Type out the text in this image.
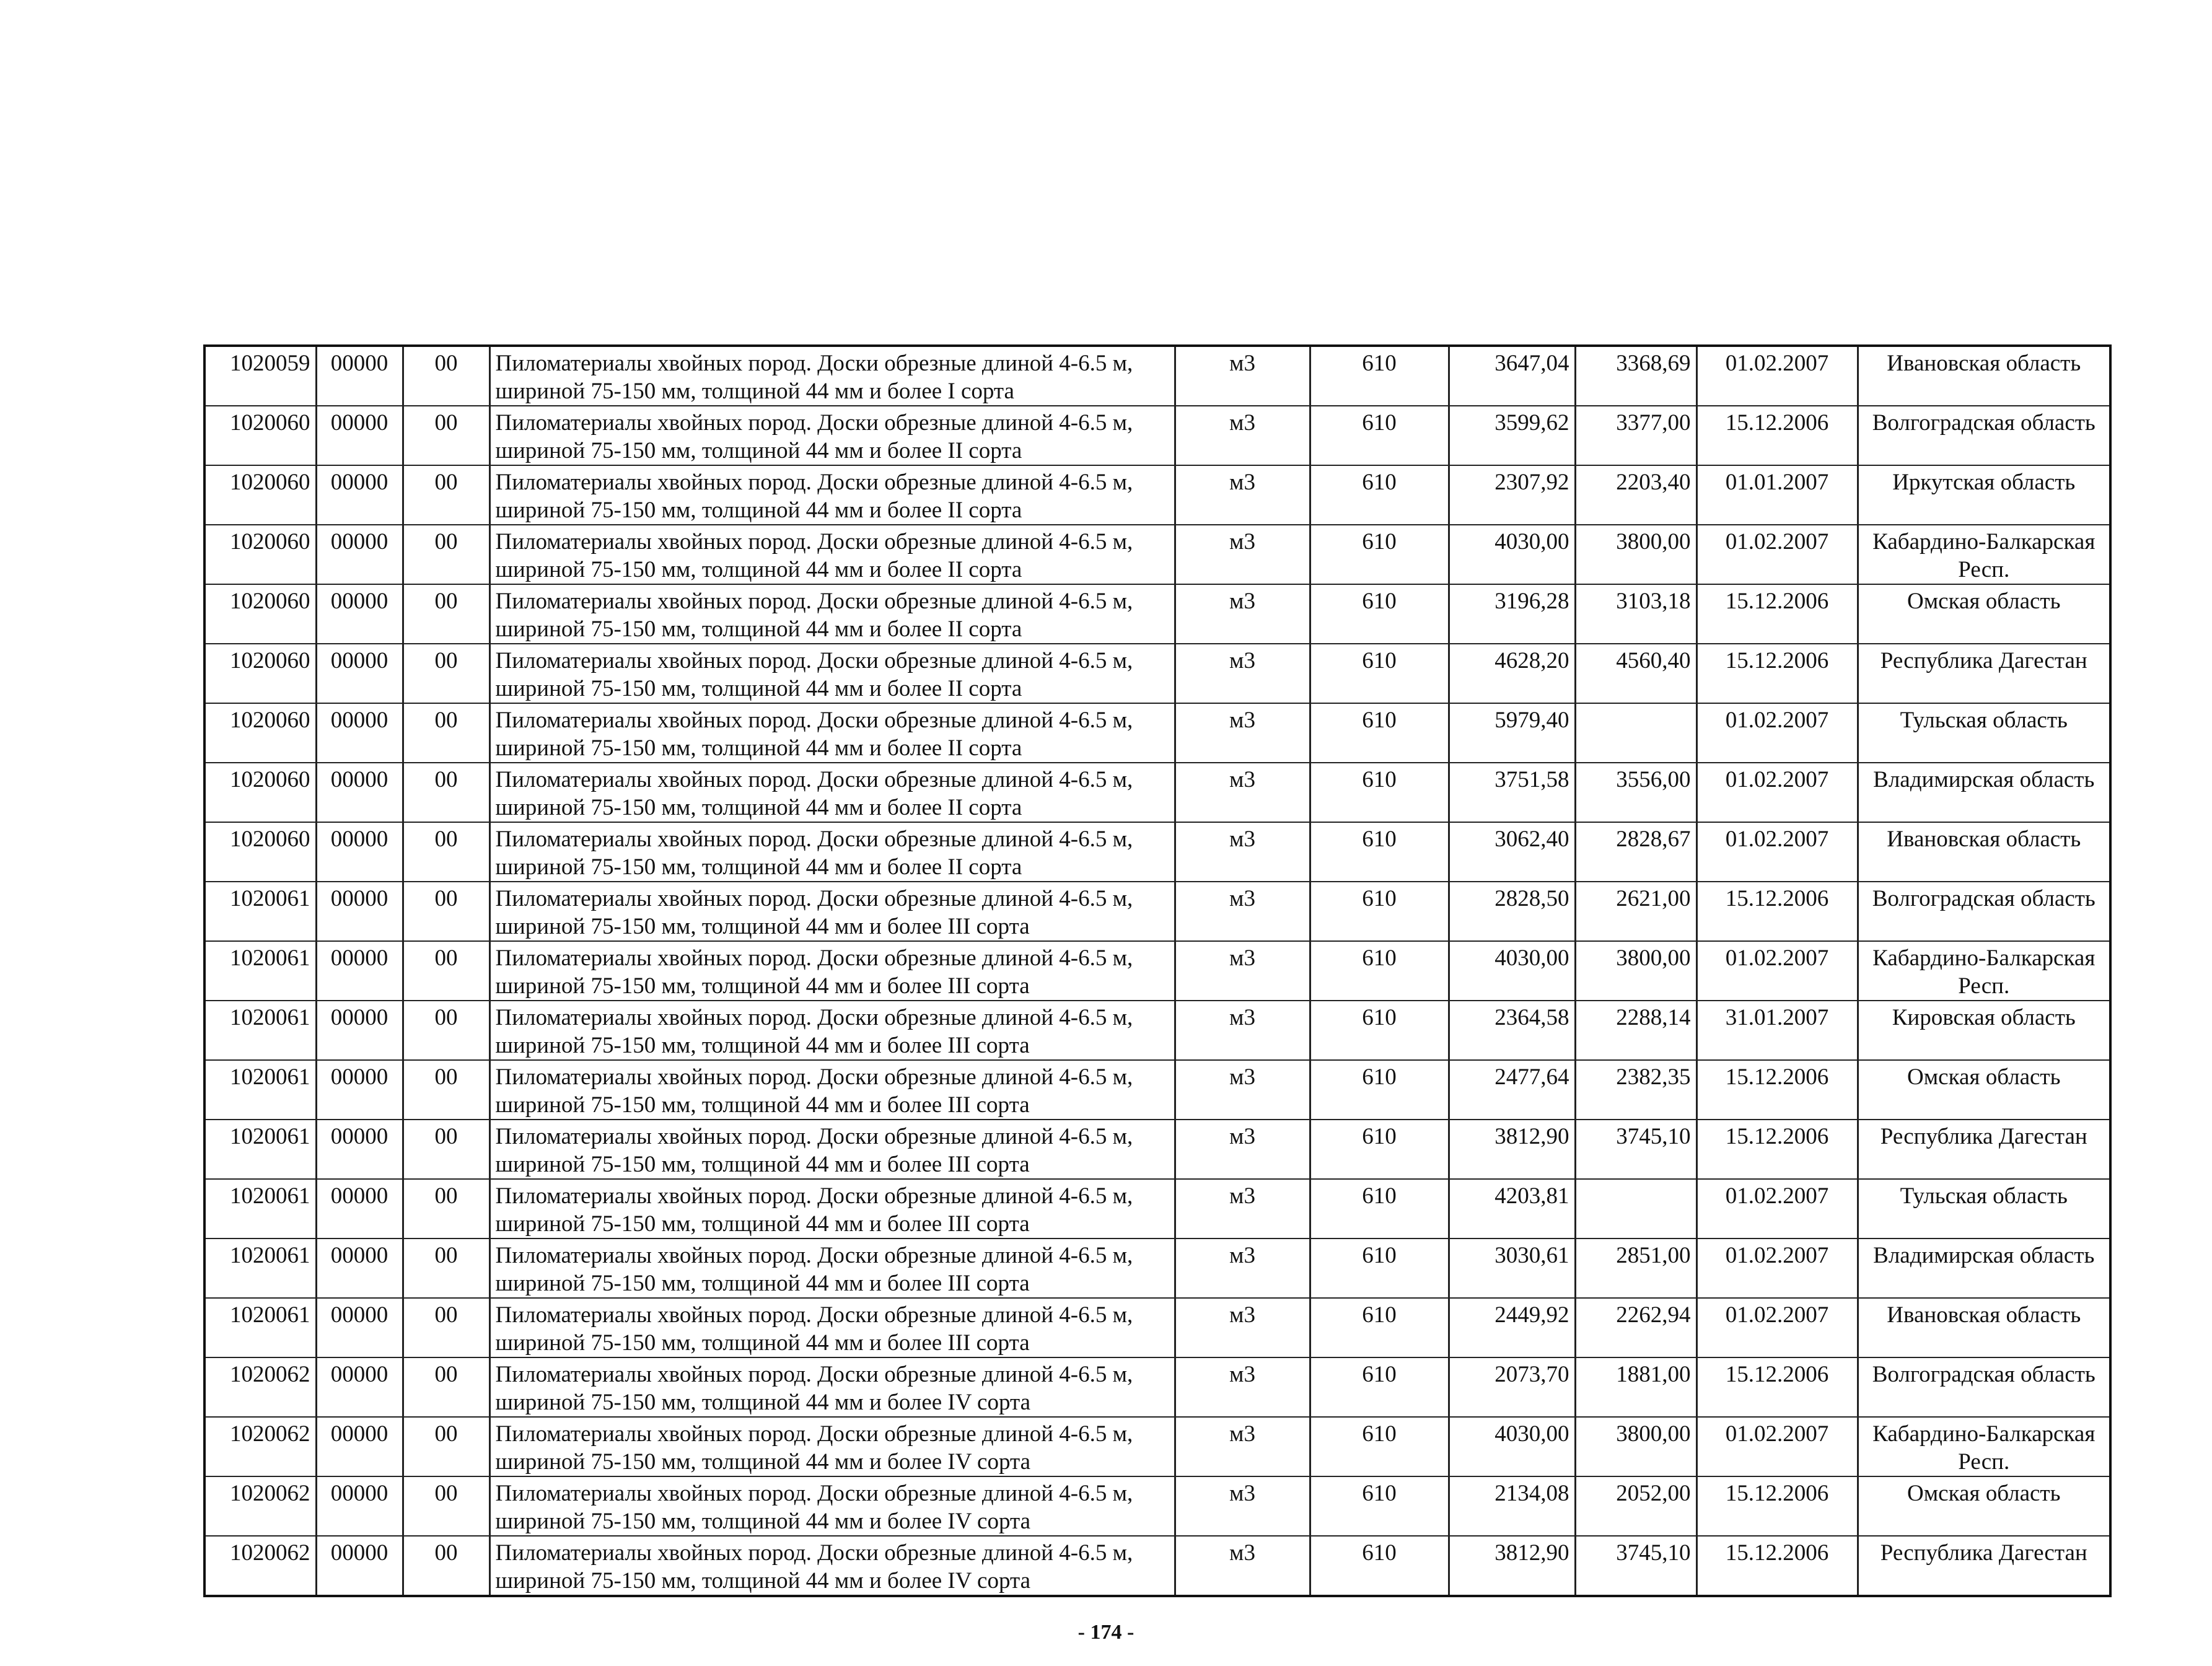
1020059	00000	00	Пиломатериалы хвойных пород. Доски обрезные длиной 4-6.5 м, шириной 75-150 мм, толщиной 44 мм и более I сорта	м3	610	3647,04	3368,69	01.02.2007	Ивановская область
1020060	00000	00	Пиломатериалы хвойных пород. Доски обрезные длиной 4-6.5 м, шириной 75-150 мм, толщиной 44 мм и более II сорта	м3	610	3599,62	3377,00	15.12.2006	Волгоградская область
1020060	00000	00	Пиломатериалы хвойных пород. Доски обрезные длиной 4-6.5 м, шириной 75-150 мм, толщиной 44 мм и более II сорта	м3	610	2307,92	2203,40	01.01.2007	Иркутская область
1020060	00000	00	Пиломатериалы хвойных пород. Доски обрезные длиной 4-6.5 м, шириной 75-150 мм, толщиной 44 мм и более II сорта	м3	610	4030,00	3800,00	01.02.2007	Кабардино-Балкарская Респ.
1020060	00000	00	Пиломатериалы хвойных пород. Доски обрезные длиной 4-6.5 м, шириной 75-150 мм, толщиной 44 мм и более II сорта	м3	610	3196,28	3103,18	15.12.2006	Омская область
1020060	00000	00	Пиломатериалы хвойных пород. Доски обрезные длиной 4-6.5 м, шириной 75-150 мм, толщиной 44 мм и более II сорта	м3	610	4628,20	4560,40	15.12.2006	Республика Дагестан
1020060	00000	00	Пиломатериалы хвойных пород. Доски обрезные длиной 4-6.5 м, шириной 75-150 мм, толщиной 44 мм и более II сорта	м3	610	5979,40		01.02.2007	Тульская область
1020060	00000	00	Пиломатериалы хвойных пород. Доски обрезные длиной 4-6.5 м, шириной 75-150 мм, толщиной 44 мм и более II сорта	м3	610	3751,58	3556,00	01.02.2007	Владимирская область
1020060	00000	00	Пиломатериалы хвойных пород. Доски обрезные длиной 4-6.5 м, шириной 75-150 мм, толщиной 44 мм и более II сорта	м3	610	3062,40	2828,67	01.02.2007	Ивановская область
1020061	00000	00	Пиломатериалы хвойных пород. Доски обрезные длиной 4-6.5 м, шириной 75-150 мм, толщиной 44 мм и более III сорта	м3	610	2828,50	2621,00	15.12.2006	Волгоградская область
1020061	00000	00	Пиломатериалы хвойных пород. Доски обрезные длиной 4-6.5 м, шириной 75-150 мм, толщиной 44 мм и более III сорта	м3	610	4030,00	3800,00	01.02.2007	Кабардино-Балкарская Респ.
1020061	00000	00	Пиломатериалы хвойных пород. Доски обрезные длиной 4-6.5 м, шириной 75-150 мм, толщиной 44 мм и более III сорта	м3	610	2364,58	2288,14	31.01.2007	Кировская область
1020061	00000	00	Пиломатериалы хвойных пород. Доски обрезные длиной 4-6.5 м, шириной 75-150 мм, толщиной 44 мм и более III сорта	м3	610	2477,64	2382,35	15.12.2006	Омская область
1020061	00000	00	Пиломатериалы хвойных пород. Доски обрезные длиной 4-6.5 м, шириной 75-150 мм, толщиной 44 мм и более III сорта	м3	610	3812,90	3745,10	15.12.2006	Республика Дагестан
1020061	00000	00	Пиломатериалы хвойных пород. Доски обрезные длиной 4-6.5 м, шириной 75-150 мм, толщиной 44 мм и более III сорта	м3	610	4203,81		01.02.2007	Тульская область
1020061	00000	00	Пиломатериалы хвойных пород. Доски обрезные длиной 4-6.5 м, шириной 75-150 мм, толщиной 44 мм и более III сорта	м3	610	3030,61	2851,00	01.02.2007	Владимирская область
1020061	00000	00	Пиломатериалы хвойных пород. Доски обрезные длиной 4-6.5 м, шириной 75-150 мм, толщиной 44 мм и более III сорта	м3	610	2449,92	2262,94	01.02.2007	Ивановская область
1020062	00000	00	Пиломатериалы хвойных пород. Доски обрезные длиной 4-6.5 м, шириной 75-150 мм, толщиной 44 мм и более IV сорта	м3	610	2073,70	1881,00	15.12.2006	Волгоградская область
1020062	00000	00	Пиломатериалы хвойных пород. Доски обрезные длиной 4-6.5 м, шириной 75-150 мм, толщиной 44 мм и более IV сорта	м3	610	4030,00	3800,00	01.02.2007	Кабардино-Балкарская Респ.
1020062	00000	00	Пиломатериалы хвойных пород. Доски обрезные длиной 4-6.5 м, шириной 75-150 мм, толщиной 44 мм и более IV сорта	м3	610	2134,08	2052,00	15.12.2006	Омская область
1020062	00000	00	Пиломатериалы хвойных пород. Доски обрезные длиной 4-6.5 м, шириной 75-150 мм, толщиной 44 мм и более IV сорта	м3	610	3812,90	3745,10	15.12.2006	Республика Дагестан
- 174 -
